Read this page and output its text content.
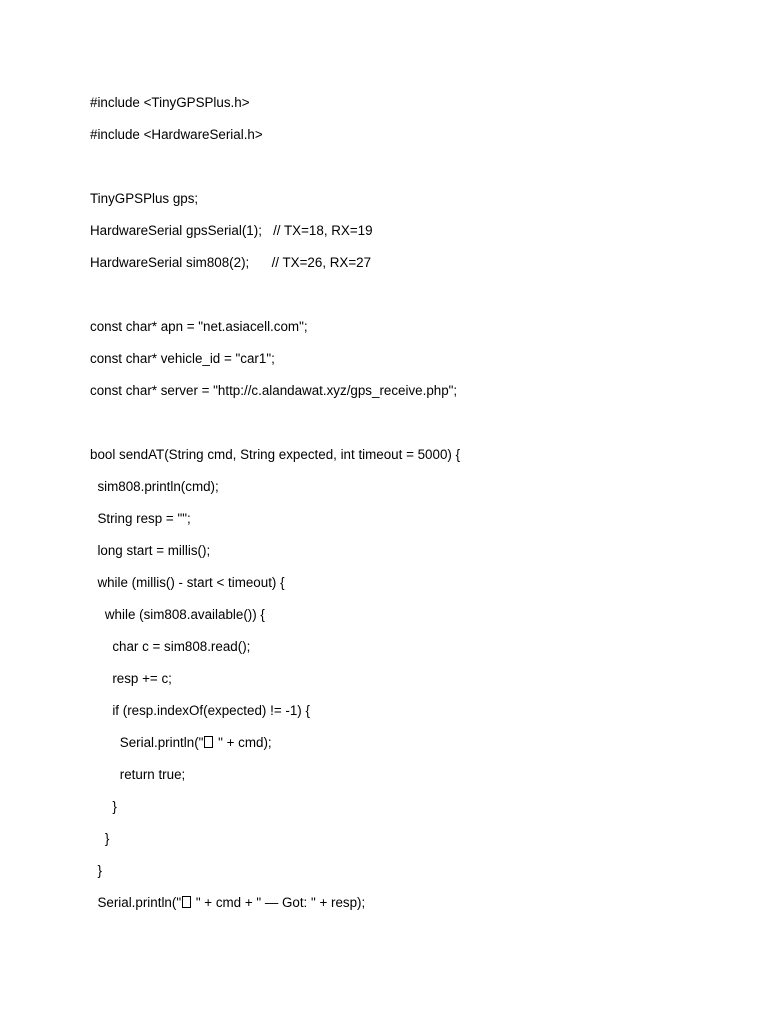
#include <TinyGPSPlus.h>
#include <HardwareSerial.h>
TinyGPSPlus gps;
HardwareSerial gpsSerial(1);   // TX=18, RX=19
HardwareSerial sim808(2);      // TX=26, RX=27
const char* apn = "net.asiacell.com";
const char* vehicle_id = "car1";
const char* server = "http://c.alandawat.xyz/gps_receive.php";
bool sendAT(String cmd, String expected, int timeout = 5000) {
sim808.println(cmd);
String resp = "";
long start = millis();
while (millis() - start < timeout) {
while (sim808.available()) {
char c = sim808.read();
resp += c;
if (resp.indexOf(expected) != -1) {
Serial.println(" " + cmd);
return true;
}
}
}
Serial.println(" " + cmd + " — Got: " + resp);
